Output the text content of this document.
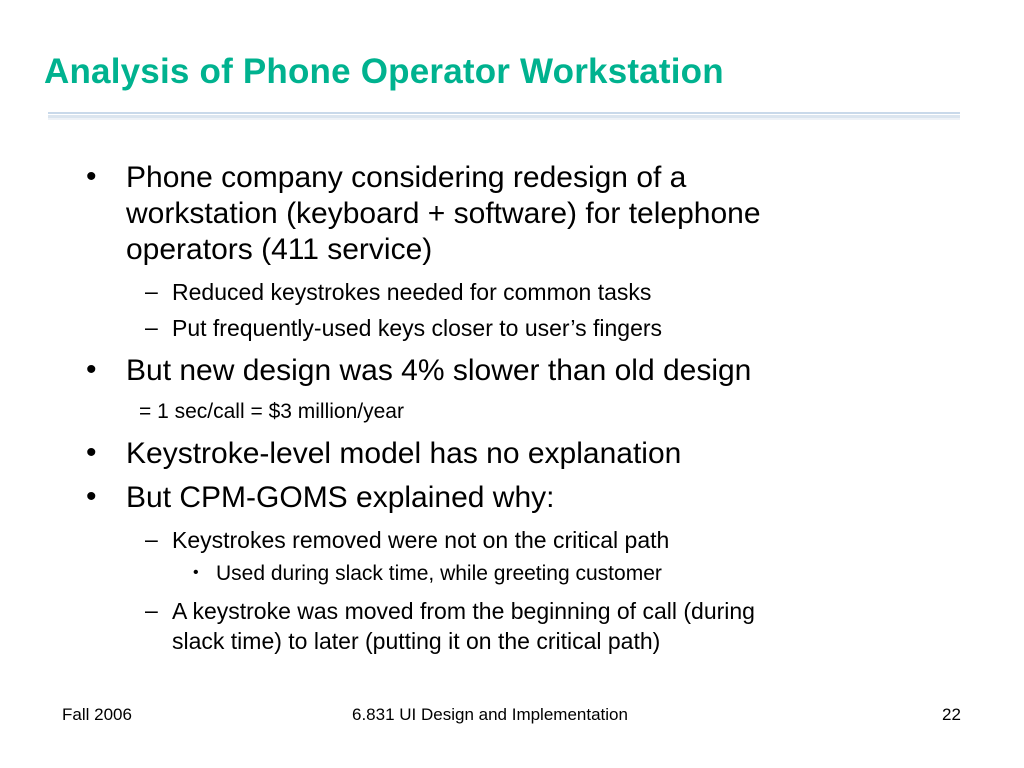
Analysis of Phone Operator Workstation
• Phone company considering redesign of a
workstation (keyboard + software) for telephone
operators (411 service)
– Reduced keystrokes needed for common tasks
– Put frequently-used keys closer to user’s fingers
• But new design was 4% slower than old design
= 1 sec/call = $3 million/year
• Keystroke-level model has no explanation
• But CPM-GOMS explained why:
– Keystrokes removed were not on the critical path
• Used during slack time, while greeting customer
– A keystroke was moved from the beginning of call (during
slack time) to later (putting it on the critical path)
Fall 2006	6.831 UI Design and Implementation	22
